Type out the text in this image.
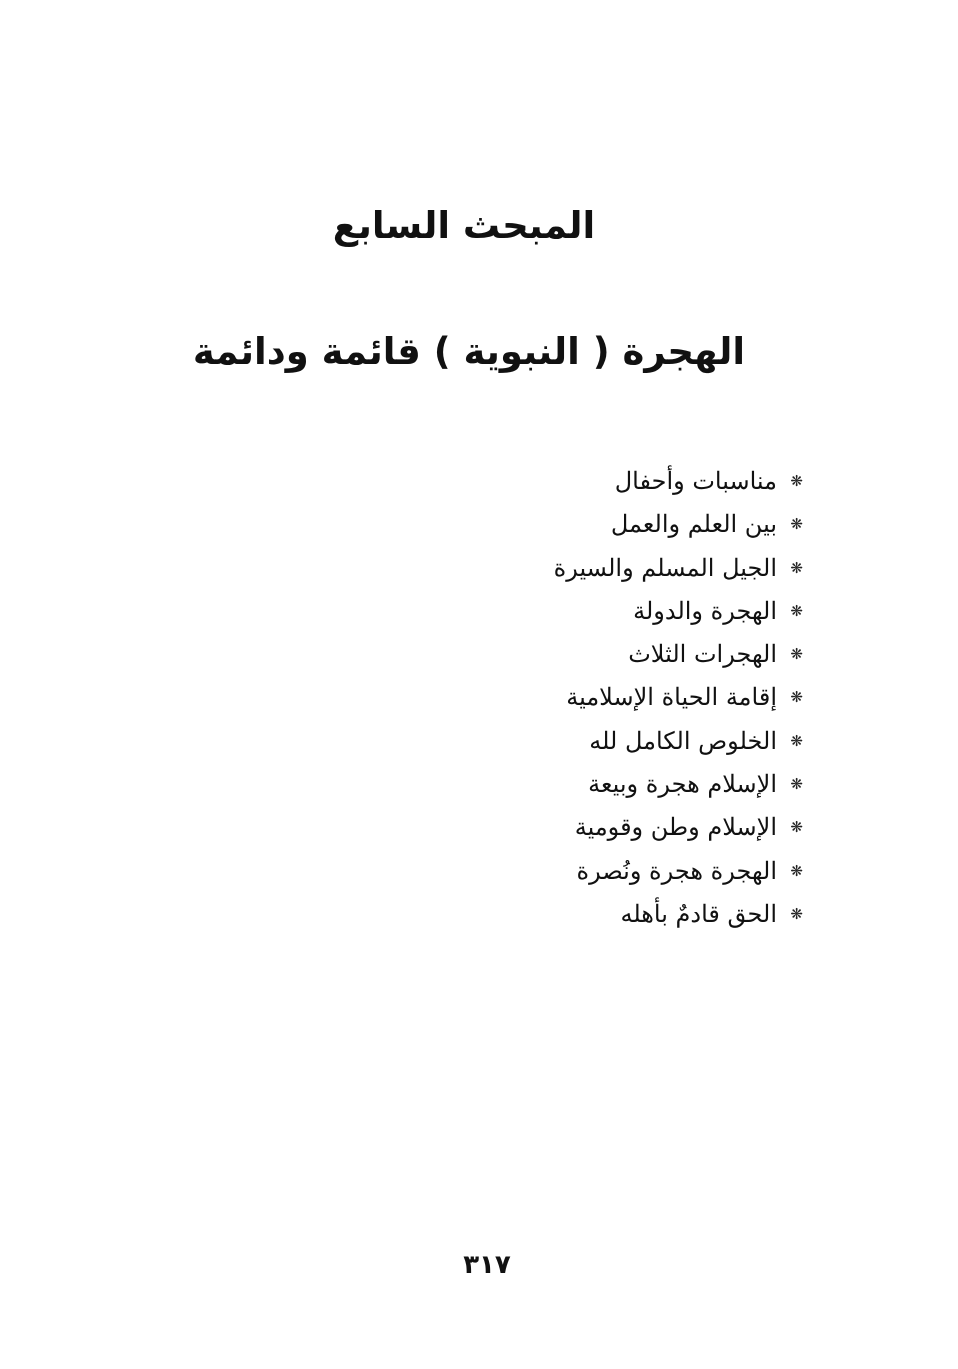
المبحث السابع
الهجرة ( النبوية ) قائمة ودائمة
❋
مناسبات وأحفال
❋
بين العلم والعمل
❋
الجيل المسلم والسيرة
❋
الهجرة والدولة
❋
الهجرات الثلاث
❋
إقامة الحياة الإسلامية
❋
الخلوص الكامل لله
❋
الإسلام هجرة وبيعة
❋
الإسلام وطن وقومية
❋
الهجرة هجرة ونُصرة
❋
الحق قادمٌ بأهله
٣١٧
